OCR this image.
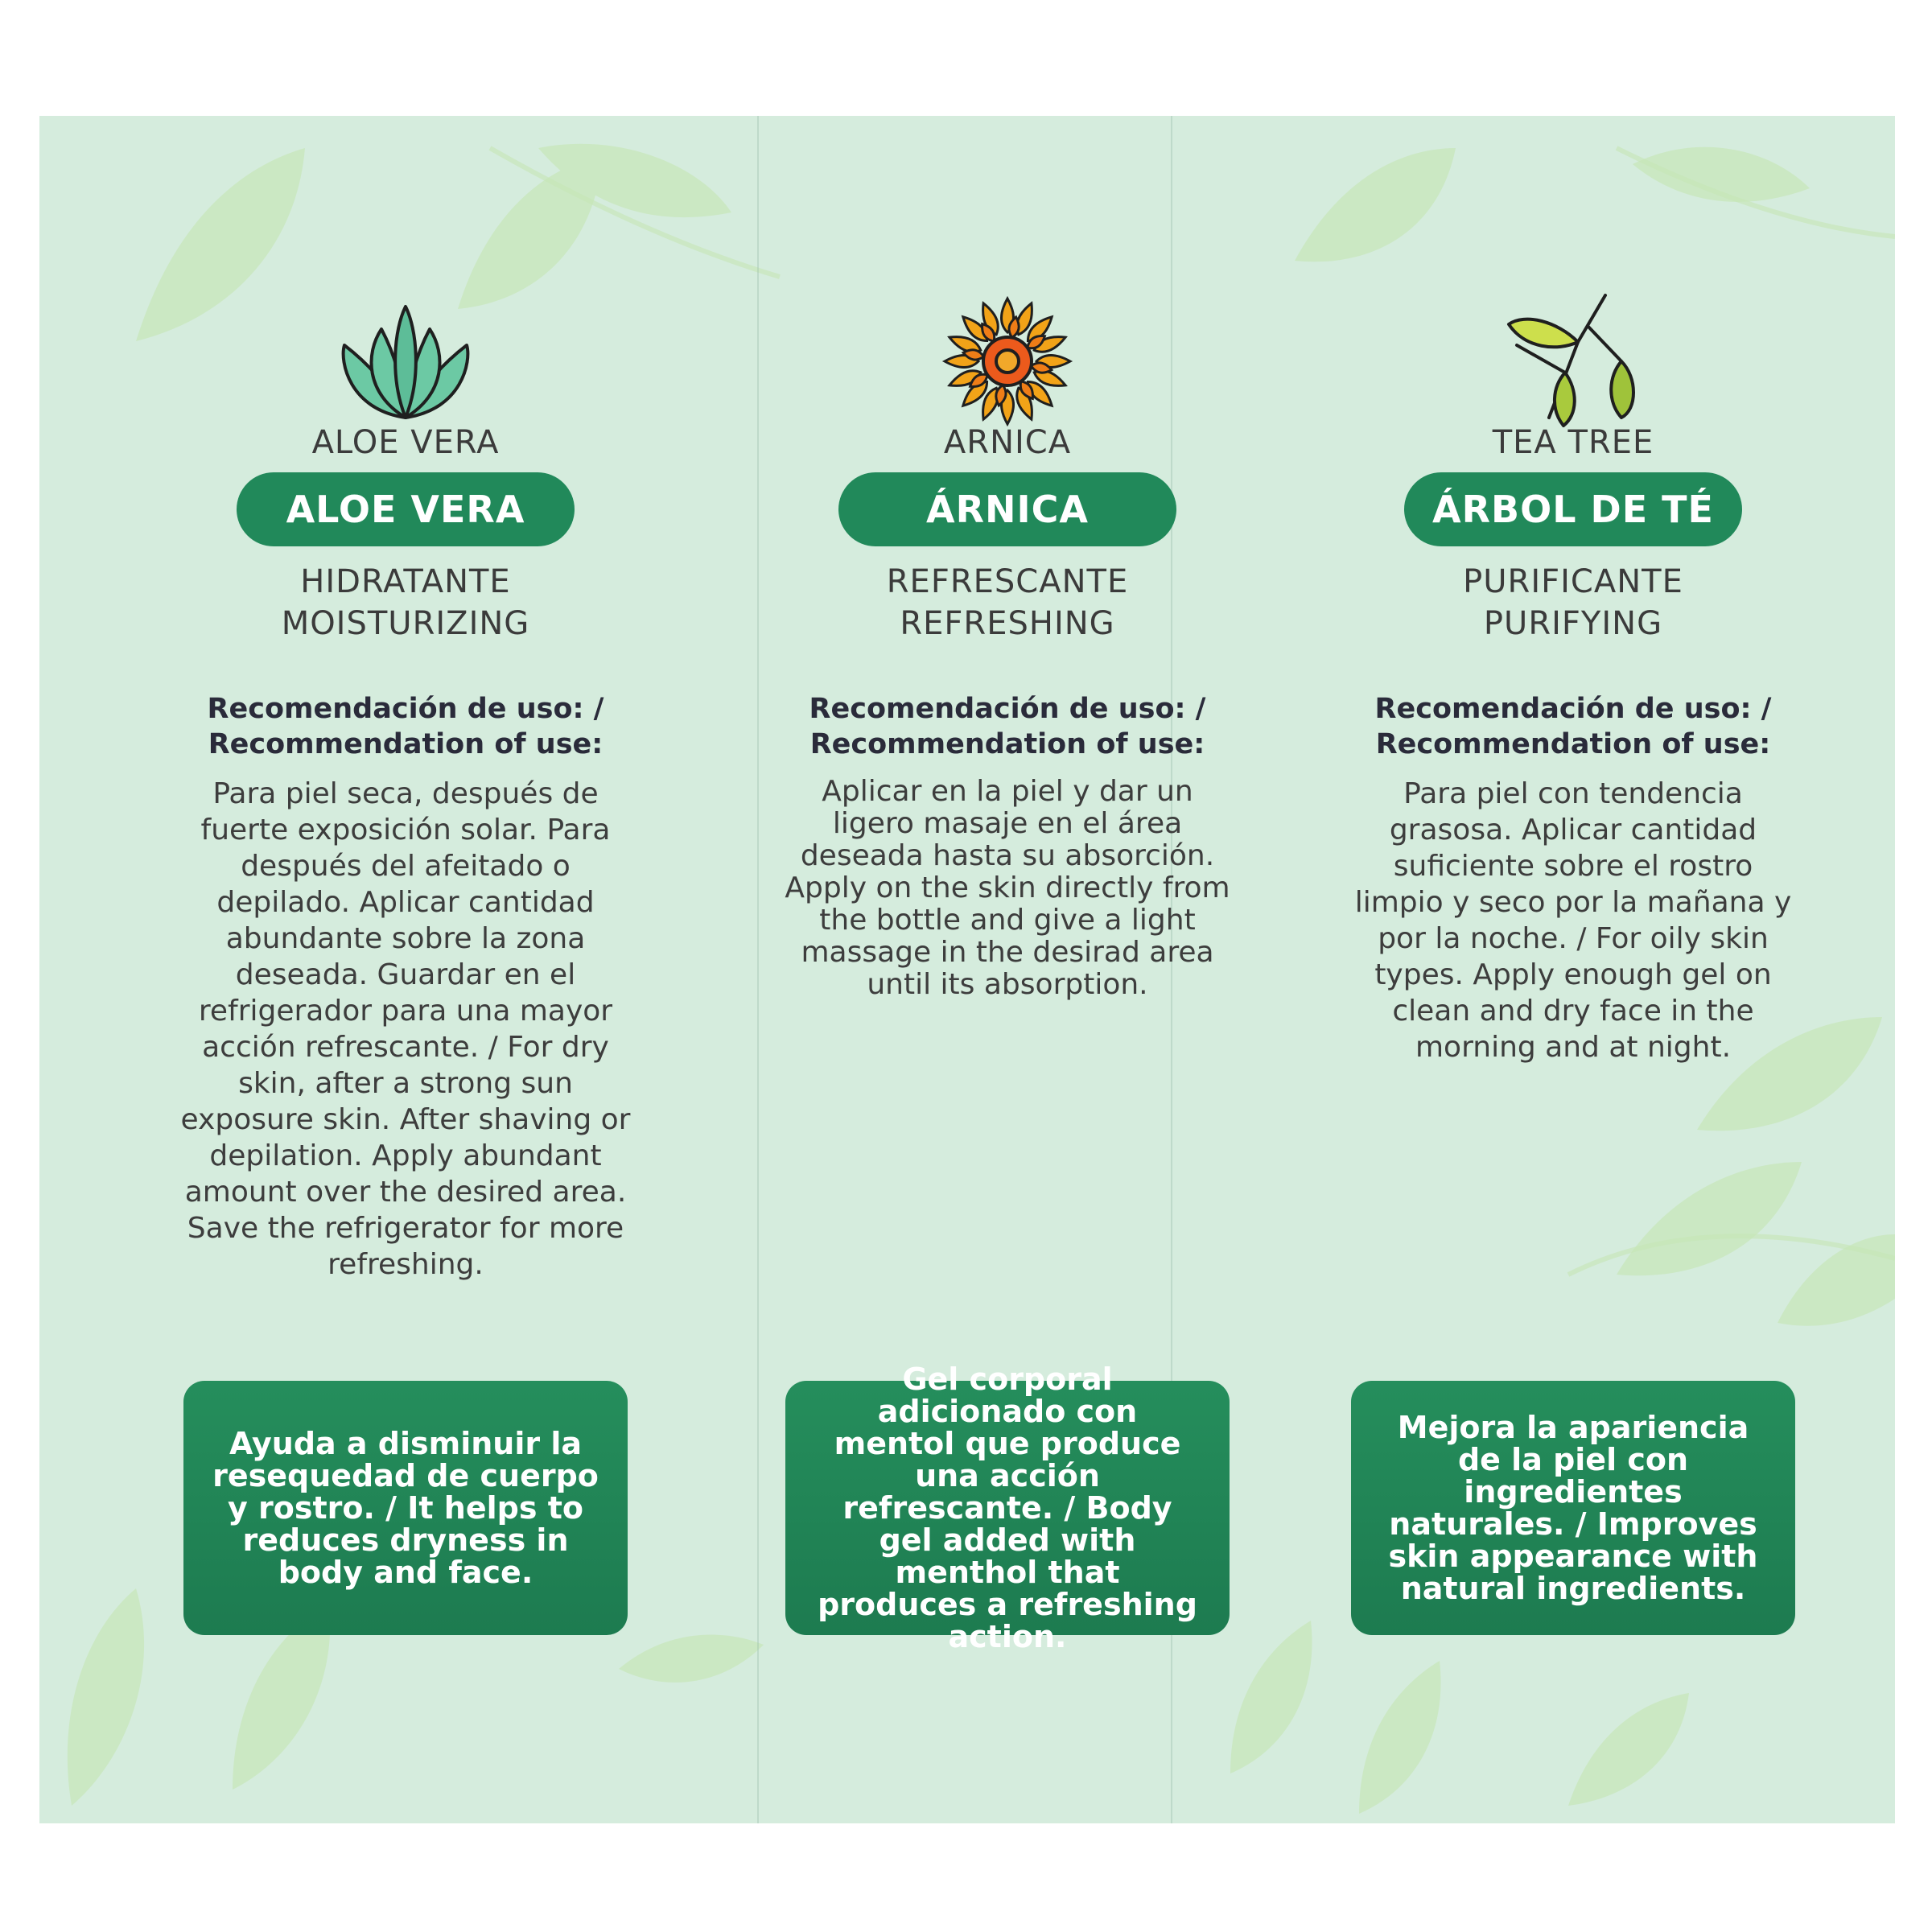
ALOE VERA
ALOE VERA
HIDRATANTE
MOISTURIZING
Recomendación de uso: /
Recommendation of use:
Para piel seca, después de fuerte exposición solar. Para después del afeitado o depilado. Aplicar cantidad abundante sobre la zona deseada. Guardar en el refrigerador para una mayor acción refrescante. / For dry skin, after a strong sun exposure skin. After shaving or depilation. Apply abundant amount over the desired area. Save the refrigerator for more refreshing.
Ayuda a disminuir la resequedad de cuerpo y rostro. / It helps to reduces dryness in body and face.
ARNICA
ÁRNICA
REFRESCANTE
REFRESHING
Recomendación de uso: /
Recommendation of use:
Aplicar en la piel y dar un ligero masaje en el área deseada hasta su absorción. Apply on the skin directly from the bottle and give a light massage in the desirad area until its absorption.
Gel corporal adicionado con mentol que produce una acción refrescante. / Body gel added with menthol that produces a refreshing action.
TEA TREE
ÁRBOL DE TÉ
PURIFICANTE
PURIFYING
Recomendación de uso: /
Recommendation of use:
Para piel con tendencia grasosa. Aplicar cantidad suficiente sobre el rostro limpio y seco por la mañana y por la noche. / For oily skin types. Apply enough gel on clean and dry face in the morning and at night.
Mejora la apariencia de la piel con ingredientes naturales. / Improves skin appearance with natural ingredients.
